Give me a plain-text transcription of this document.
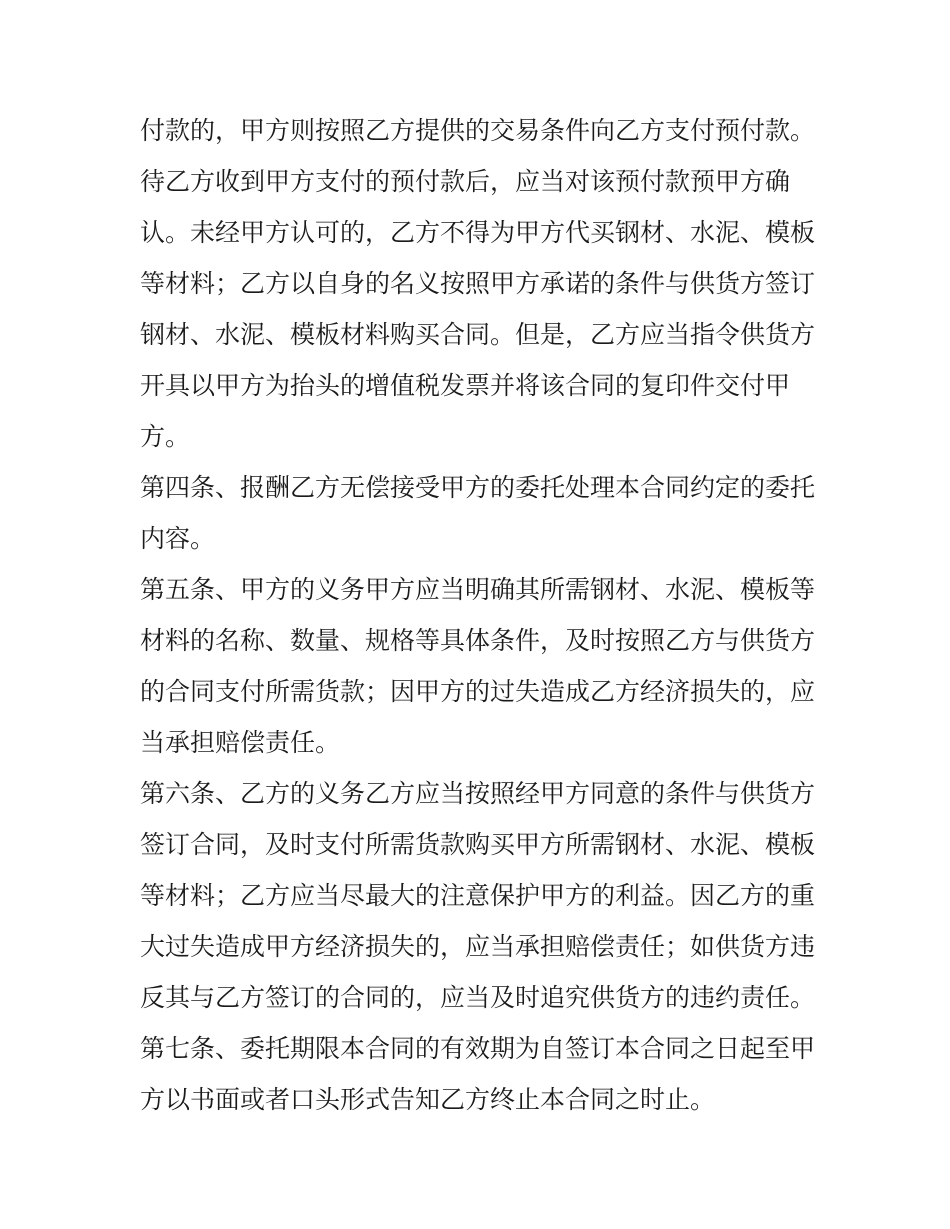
付款的，甲方则按照乙方提供的交易条件向乙方支付预付款。
待乙方收到甲方支付的预付款后，应当对该预付款预甲方确
认。未经甲方认可的，乙方不得为甲方代买钢材、水泥、模板
等材料；乙方以自身的名义按照甲方承诺的条件与供货方签订
钢材、水泥、模板材料购买合同。但是，乙方应当指令供货方
开具以甲方为抬头的增值税发票并将该合同的复印件交付甲
方。
第四条、报酬乙方无偿接受甲方的委托处理本合同约定的委托
内容。
第五条、甲方的义务甲方应当明确其所需钢材、水泥、模板等
材料的名称、数量、规格等具体条件，及时按照乙方与供货方
的合同支付所需货款；因甲方的过失造成乙方经济损失的，应
当承担赔偿责任。
第六条、乙方的义务乙方应当按照经甲方同意的条件与供货方
签订合同，及时支付所需货款购买甲方所需钢材、水泥、模板
等材料；乙方应当尽最大的注意保护甲方的利益。因乙方的重
大过失造成甲方经济损失的，应当承担赔偿责任；如供货方违
反其与乙方签订的合同的，应当及时追究供货方的违约责任。
第七条、委托期限本合同的有效期为自签订本合同之日起至甲
方以书面或者口头形式告知乙方终止本合同之时止。
